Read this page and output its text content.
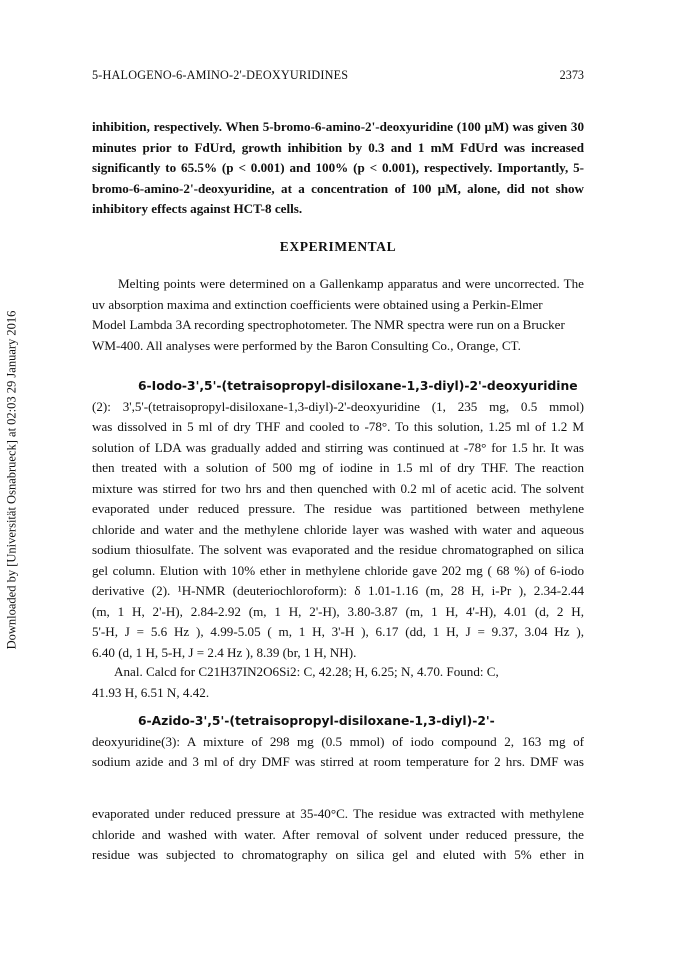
Downloaded by [Universität Osnabrueck] at 02:03 29 January 2016
5-HALOGENO-6-AMINO-2'-DEOXYURIDINES	2373
inhibition, respectively. When 5-bromo-6-amino-2'-deoxyuridine (100 µM) was given 30
minutes prior to FdUrd, growth inhibition by 0.3 and 1 mM FdUrd was increased
significantly to 65.5% (p < 0.001) and 100% (p < 0.001), respectively. Importantly, 5-
bromo-6-amino-2'-deoxyuridine, at a concentration of 100 µM, alone, did not show
inhibitory effects against HCT-8 cells.
EXPERIMENTAL
Melting points were determined on a Gallenkamp apparatus and were uncorrected. The
uv absorption maxima and extinction coefficients were obtained using a Perkin-Elmer
Model Lambda 3A recording spectrophotometer. The NMR spectra were run on a Brucker
WM-400. All analyses were performed by the Baron Consulting Co., Orange, CT.
6-Iodo-3',5'-(tetraisopropyl-disiloxane-1,3-diyl)-2'-deoxyuridine
(2): 3',5'-(tetraisopropyl-disiloxane-1,3-diyl)-2'-deoxyuridine (1, 235 mg, 0.5 mmol)
was dissolved in 5 ml of dry THF and cooled to -78°. To this solution, 1.25 ml of 1.2 M
solution of LDA was gradually added and stirring was continued at -78° for 1.5 hr. It was
then treated with a solution of 500 mg of iodine in 1.5 ml of dry THF. The reaction
mixture was stirred for two hrs and then quenched with 0.2 ml of acetic acid. The solvent
evaporated under reduced pressure. The residue was partitioned between methylene
chloride and water and the methylene chloride layer was washed with water and aqueous
sodium thiosulfate. The solvent was evaporated and the residue chromatographed on silica
gel column. Elution with 10% ether in methylene chloride gave 202 mg ( 68 %) of 6-iodo
derivative (2). ¹H-NMR (deuteriochloroform): δ 1.01-1.16 (m, 28 H, i-Pr ), 2.34-2.44
(m, 1 H, 2'-H), 2.84-2.92 (m, 1 H, 2'-H), 3.80-3.87 (m, 1 H, 4'-H), 4.01 (d, 2 H,
5'-H, J = 5.6 Hz ), 4.99-5.05 ( m, 1 H, 3'-H ), 6.17 (dd, 1 H, J = 9.37, 3.04 Hz ),
6.40 (d, 1 H, 5-H, J = 2.4 Hz ), 8.39 (br, 1 H, NH).
Anal. Calcd for C21H37IN2O6Si2: C, 42.28; H, 6.25; N, 4.70. Found: C,
41.93 H, 6.51 N, 4.42.
6-Azido-3',5'-(tetraisopropyl-disiloxane-1,3-diyl)-2'-
deoxyuridine(3): A mixture of 298 mg (0.5 mmol) of iodo compound 2, 163 mg of
sodium azide and 3 ml of dry DMF was stirred at room temperature for 2 hrs. DMF was
evaporated under reduced pressure at 35-40°C. The residue was extracted with methylene
chloride and washed with water. After removal of solvent under reduced pressure, the
residue was subjected to chromatography on silica gel and eluted with 5% ether in
